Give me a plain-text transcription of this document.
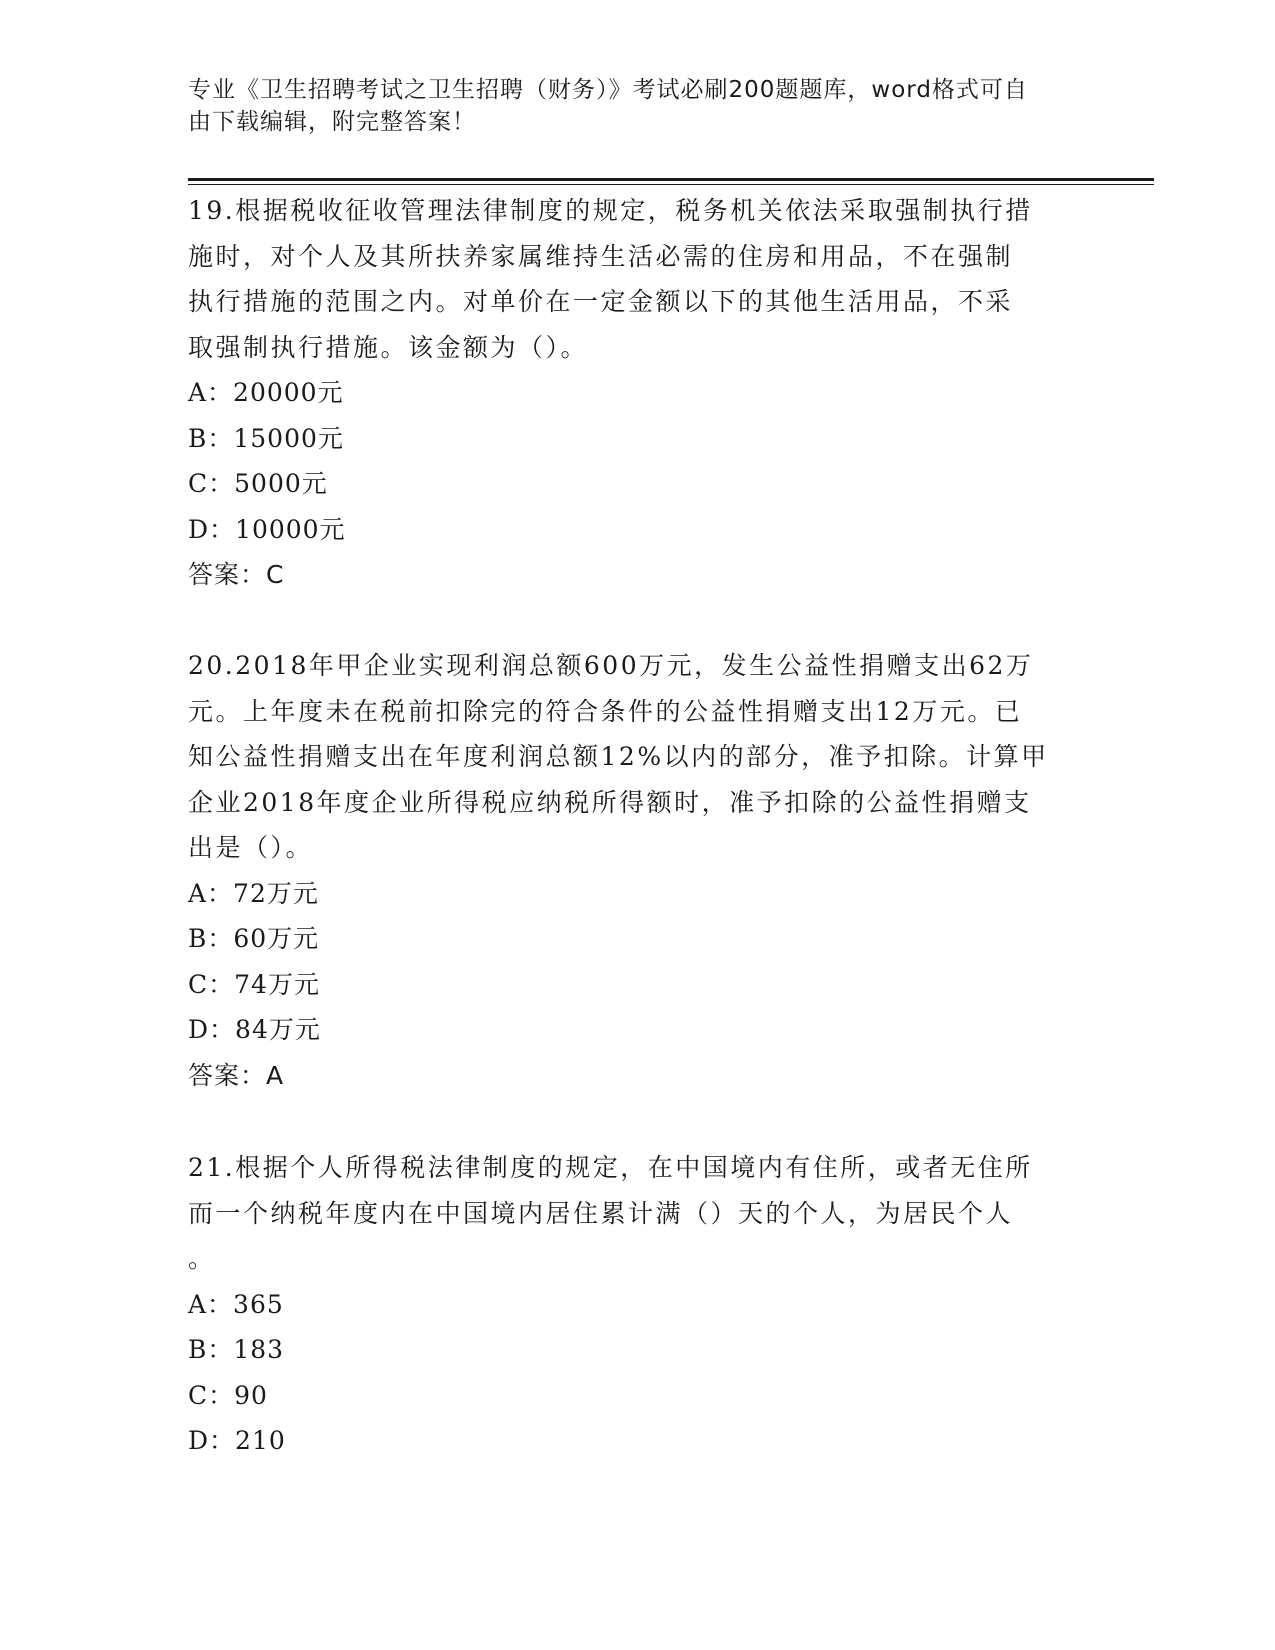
专业《卫生招聘考试之卫生招聘（财务）》考试必刷200题题库，word格式可自
由下载编辑，附完整答案！

19.根据税收征收管理法律制度的规定，税务机关依法采取强制执行措

施时，对个人及其所扶养家属维持生活必需的住房和用品，不在强制

执行措施的范围之内。对单价在一定金额以下的其他生活用品，不采

取强制执行措施。该金额为（）。

A：20000元

B：15000元

C：5000元

D：10000元

答案：C

20.2018年甲企业实现利润总额600万元，发生公益性捐赠支出62万

元。上年度未在税前扣除完的符合条件的公益性捐赠支出12万元。已

知公益性捐赠支出在年度利润总额12%以内的部分，准予扣除。计算甲

企业2018年度企业所得税应纳税所得额时，准予扣除的公益性捐赠支

出是（）。

A：72万元

B：60万元

C：74万元

D：84万元

答案：A

21.根据个人所得税法律制度的规定，在中国境内有住所，或者无住所

而一个纳税年度内在中国境内居住累计满（）天的个人，为居民个人

。

A：365

B：183

C：90

D：210
